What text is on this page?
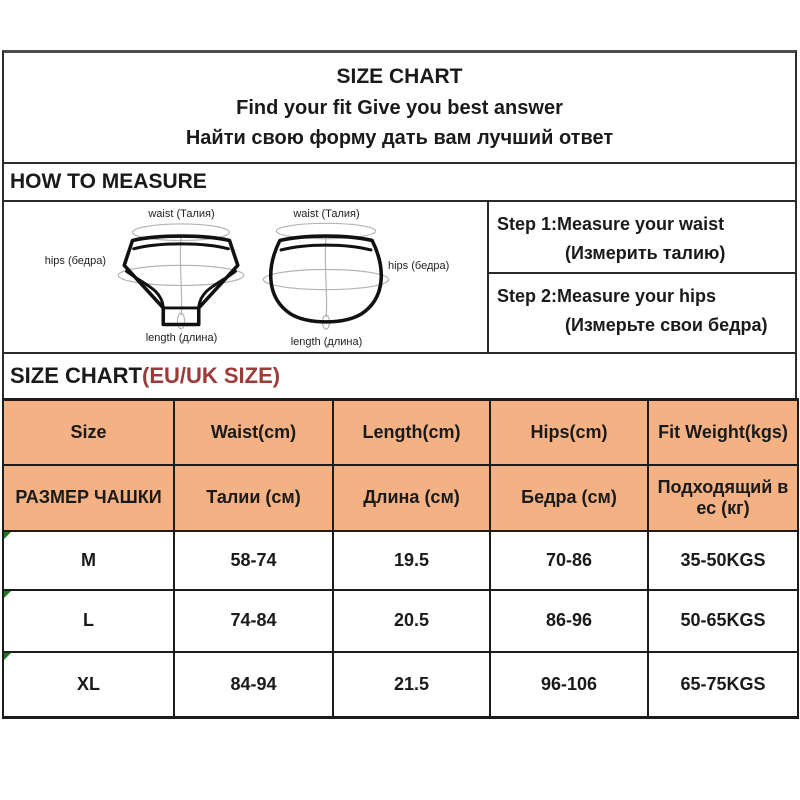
SIZE CHART
Find your fit Give you best answer
Найти свою форму дать вам лучший ответ
HOW TO MEASURE
waist (Талия)	waist (Талия)
hips (бедра)	hips (бедра)
length (длина)	length (длина)
Step 1:Measure your waist
(Измерить талию)
Step 2:Measure your hips
(Измерьте свои бедра)
SIZE CHART (EU/UK SIZE)
Size	Waist(cm)	Length(cm)	Hips(cm)	Fit Weight(kgs)
РАЗМЕР ЧАШКИ	Талии (см)	Длина (см)	Бедра (см)	Подходящий в ес (кг)

M	58-74	19.5	70-86	35-50KGS

L	74-84	20.5	86-96	50-65KGS

XL	84-94	21.5	96-106	65-75KGS
